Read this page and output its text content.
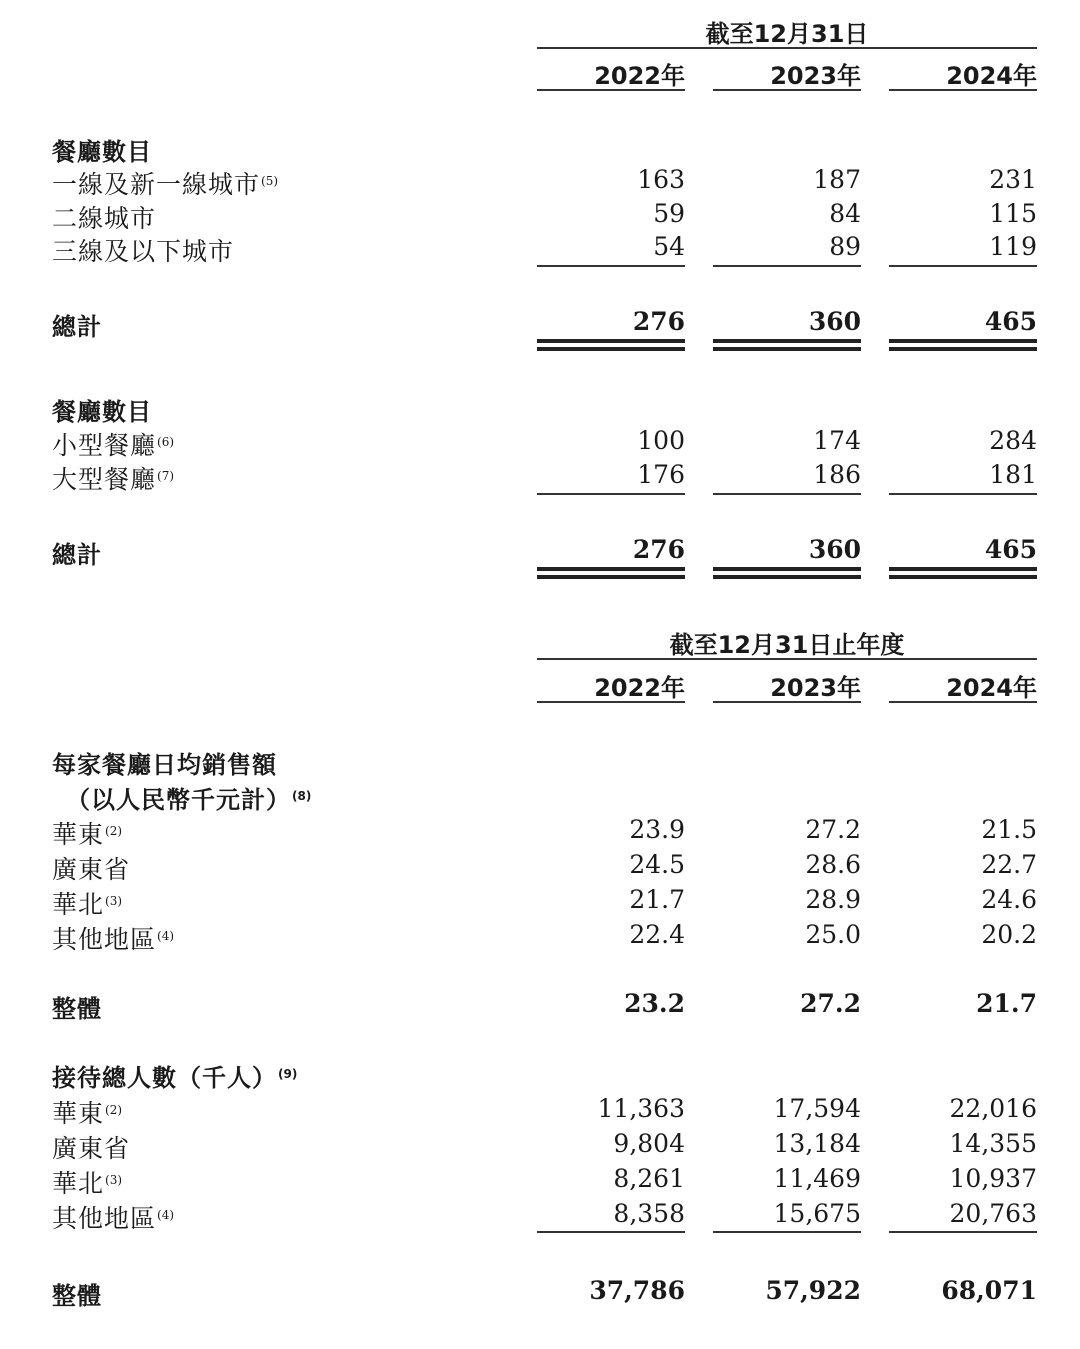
截至12月31日
2022年	2023年	2024年
餐廳數目
一線及新一線城市$^{(5)}$	163	187	231
二線城市	59	84	115
三線及以下城市	54	89	119
總計	276	360	465
餐廳數目
小型餐廳$^{(6)}$	100	174	284
大型餐廳$^{(7)}$	176	186	181
總計	276	360	465
截至12月31日止年度
2022年	2023年	2024年
每家餐廳日均銷售額
（以人民幣千元計）$^{(8)}$
華東$^{(2)}$	23.9	27.2	21.5
廣東省	24.5	28.6	22.7
華北$^{(3)}$	21.7	28.9	24.6
其他地區$^{(4)}$	22.4	25.0	20.2
整體	23.2	27.2	21.7
接待總人數（千人）$^{(9)}$
華東$^{(2)}$	11,363	17,594	22,016
廣東省	9,804	13,184	14,355
華北$^{(3)}$	8,261	11,469	10,937
其他地區$^{(4)}$	8,358	15,675	20,763
整體	37,786	57,922	68,071
